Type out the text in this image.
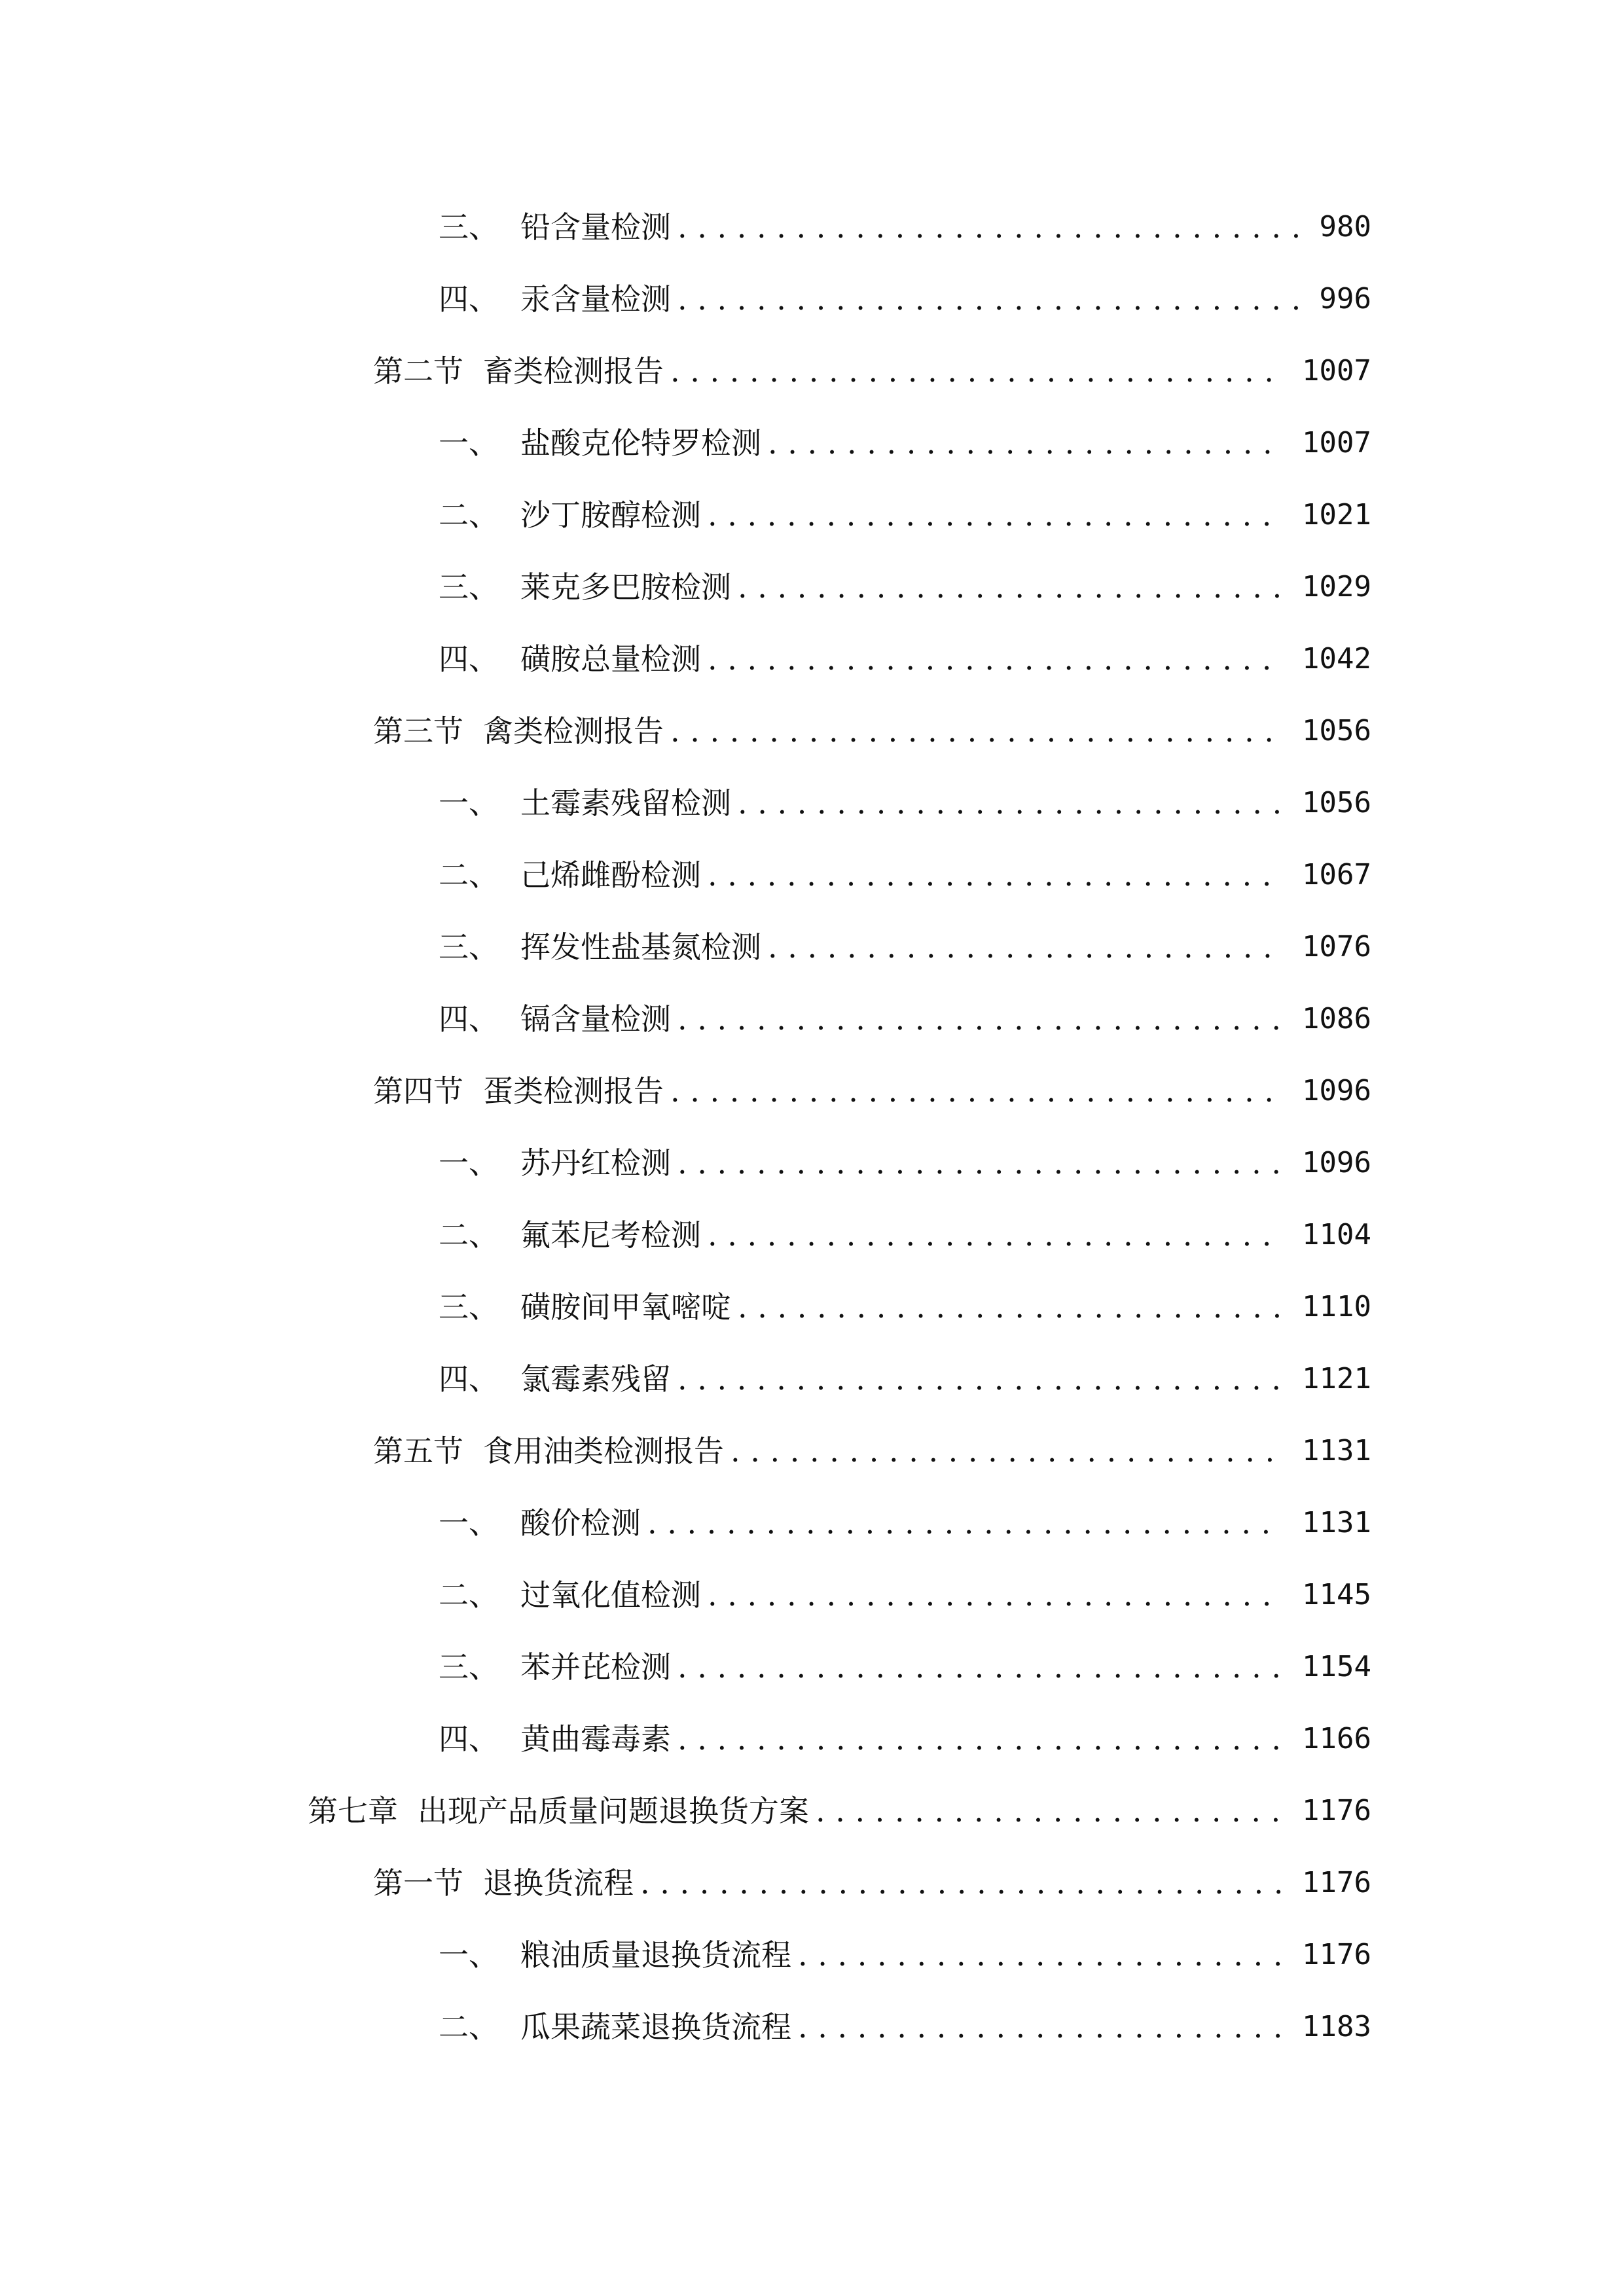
三、 铅含量检测 . . .	980
四、 汞含量检测 . . .	996
第二节 畜类检测报告 . . .	1007
一、 盐酸克伦特罗检测 . . .	1007
二、 沙丁胺醇检测 . . .	1021
三、 莱克多巴胺检测 . . .	1029
四、 磺胺总量检测 . . .	1042
第三节 禽类检测报告 . . .	1056
一、 土霉素残留检测 . . .	1056
二、 己烯雌酚检测 . . .	1067
三、 挥发性盐基氮检测 . . .	1076
四、 镉含量检测 . . .	1086
第四节 蛋类检测报告 . . .	1096
一、 苏丹红检测 . . .	1096
二、 氟苯尼考检测 . . .	1104
三、 磺胺间甲氧嘧啶 . . .	1110
四、 氯霉素残留 . . .	1121
第五节 食用油类检测报告 . . .	1131
一、 酸价检测 . . .	1131
二、 过氧化值检测 . . .	1145
三、 苯并芘检测 . . .	1154
四、 黄曲霉毒素 . . .	1166
第七章 出现产品质量问题退换货方案 . . .	1176
第一节 退换货流程 . . .	1176
一、 粮油质量退换货流程 . . .	1176
二、 瓜果蔬菜退换货流程 . . .	1183
